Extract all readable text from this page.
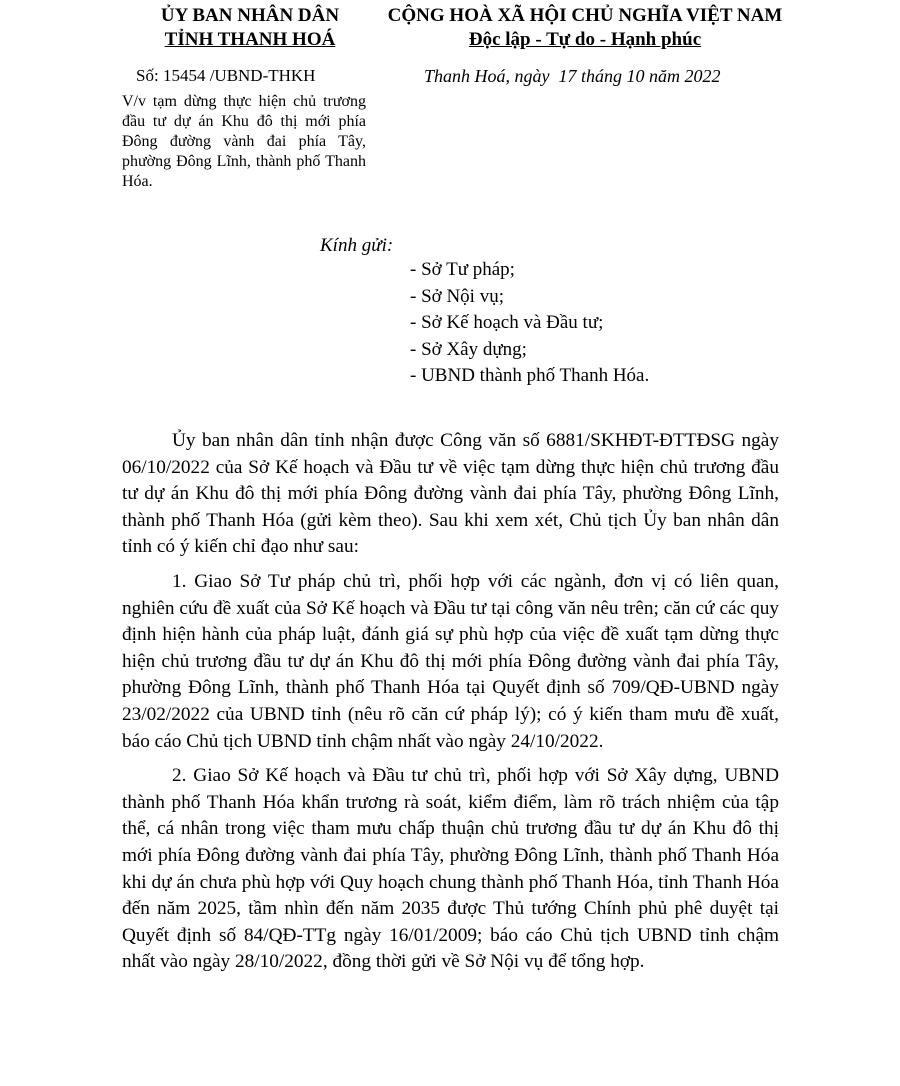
ỦY BAN NHÂN DÂN
TỈNH THANH HOÁ
CỘNG HOÀ XÃ HỘI CHỦ NGHĨA VIỆT NAM
Độc lập - Tự do - Hạnh phúc
Số: 15454 /UBND-THKH	Thanh Hoá, ngày 17 tháng 10 năm 2022
V/v tạm dừng thực hiện chủ trương đầu tư dự án Khu đô thị mới phía Đông đường vành đai phía Tây, phường Đông Lĩnh, thành phố Thanh Hóa.
Kính gửi:
- Sở Tư pháp;
- Sở Nội vụ;
- Sở Kế hoạch và Đầu tư;
- Sở Xây dựng;
- UBND thành phố Thanh Hóa.

Ủy ban nhân dân tỉnh nhận được Công văn số 6881/SKHĐT-ĐTTĐSG ngày 06/10/2022 của Sở Kế hoạch và Đầu tư về việc tạm dừng thực hiện chủ trương đầu tư dự án Khu đô thị mới phía Đông đường vành đai phía Tây, phường Đông Lĩnh, thành phố Thanh Hóa (gửi kèm theo). Sau khi xem xét, Chủ tịch Ủy ban nhân dân tỉnh có ý kiến chỉ đạo như sau:

1. Giao Sở Tư pháp chủ trì, phối hợp với các ngành, đơn vị có liên quan, nghiên cứu đề xuất của Sở Kế hoạch và Đầu tư tại công văn nêu trên; căn cứ các quy định hiện hành của pháp luật, đánh giá sự phù hợp của việc đề xuất tạm dừng thực hiện chủ trương đầu tư dự án Khu đô thị mới phía Đông đường vành đai phía Tây, phường Đông Lĩnh, thành phố Thanh Hóa tại Quyết định số 709/QĐ-UBND ngày 23/02/2022 của UBND tỉnh (nêu rõ căn cứ pháp lý); có ý kiến tham mưu đề xuất, báo cáo Chủ tịch UBND tỉnh chậm nhất vào ngày 24/10/2022.

2. Giao Sở Kế hoạch và Đầu tư chủ trì, phối hợp với Sở Xây dựng, UBND thành phố Thanh Hóa khẩn trương rà soát, kiểm điểm, làm rõ trách nhiệm của tập thể, cá nhân trong việc tham mưu chấp thuận chủ trương đầu tư dự án Khu đô thị mới phía Đông đường vành đai phía Tây, phường Đông Lĩnh, thành phố Thanh Hóa khi dự án chưa phù hợp với Quy hoạch chung thành phố Thanh Hóa, tỉnh Thanh Hóa đến năm 2025, tầm nhìn đến năm 2035 được Thủ tướng Chính phủ phê duyệt tại Quyết định số 84/QĐ-TTg ngày 16/01/2009; báo cáo Chủ tịch UBND tỉnh chậm nhất vào ngày 28/10/2022, đồng thời gửi về Sở Nội vụ để tổng hợp.
